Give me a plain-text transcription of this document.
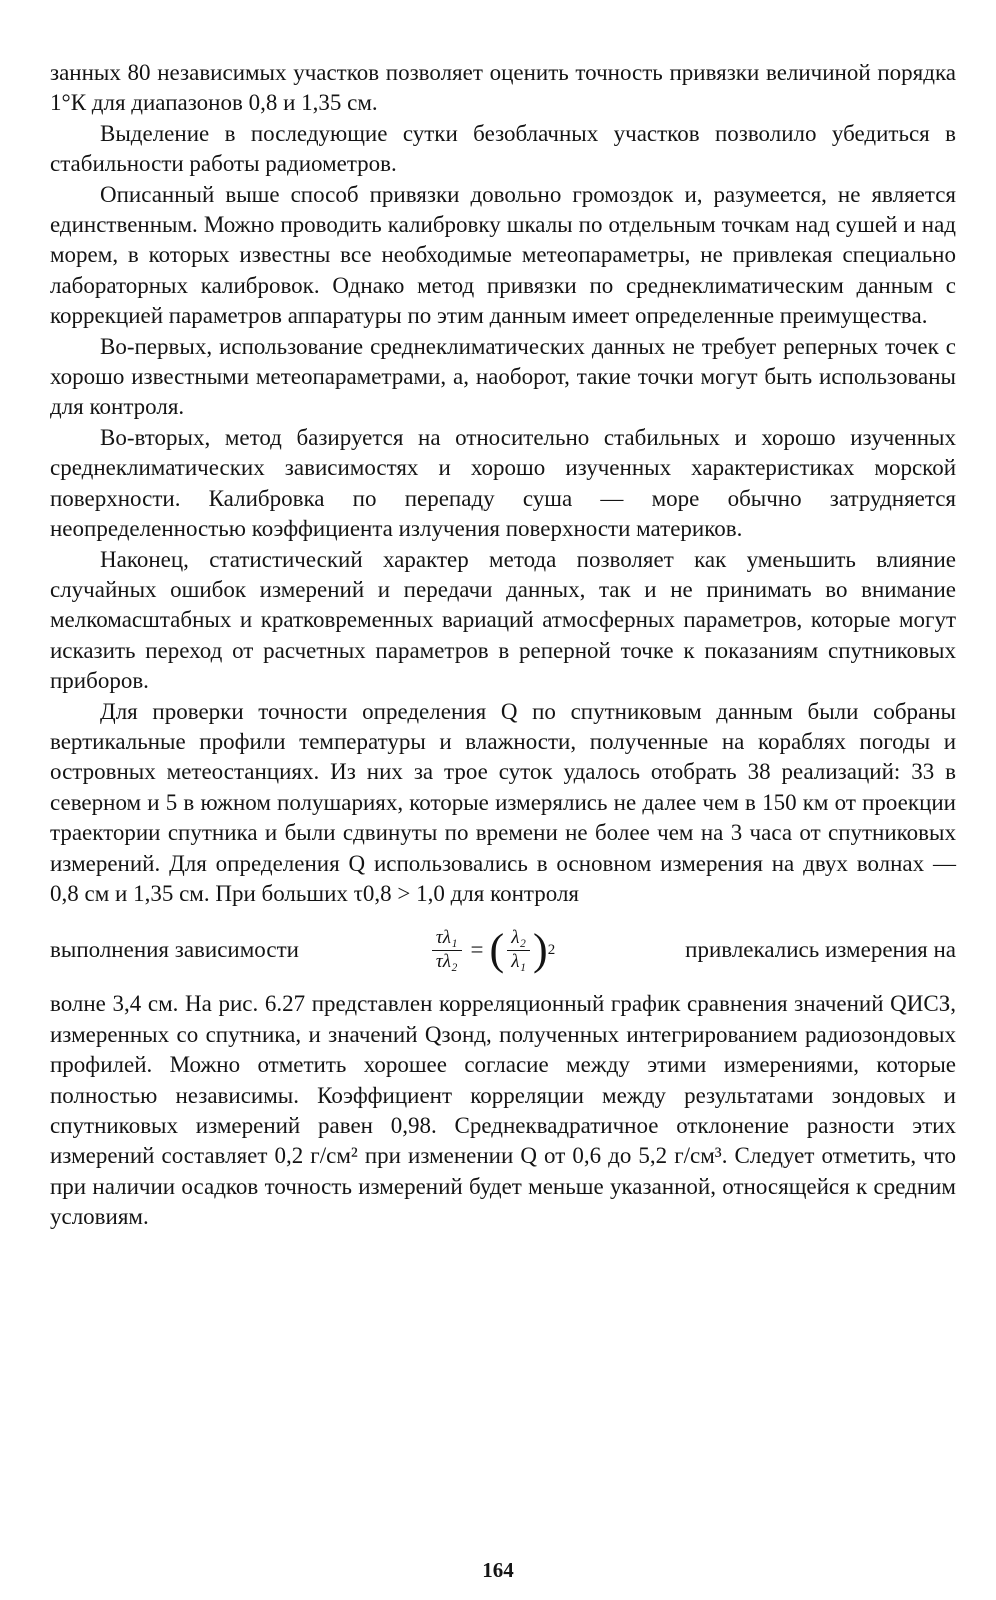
занных 80 независимых участков позволяет оценить точность привязки величиной порядка 1°К для диапазонов 0,8 и 1,35 см.

Выделение в последующие сутки безоблачных участков позволило убедиться в стабильности работы радиометров.

Описанный выше способ привязки довольно громоздок и, разумеется, не является единственным. Можно проводить калибровку шкалы по отдельным точкам над сушей и над морем, в которых известны все необходимые метеопараметры, не привлекая специально лабораторных калибровок. Однако метод привязки по среднеклиматическим данным с коррекцией параметров аппаратуры по этим данным имеет определенные преимущества.

Во-первых, использование среднеклиматических данных не требует реперных точек с хорошо известными метеопараметрами, а, наоборот, такие точки могут быть использованы для контроля.

Во-вторых, метод базируется на относительно стабильных и хорошо изученных среднеклиматических зависимостях и хорошо изученных характеристиках морской поверхности. Калибровка по перепаду суша — море обычно затрудняется неопределенностью коэффициента излучения поверхности материков.

Наконец, статистический характер метода позволяет как уменьшить влияние случайных ошибок измерений и передачи данных, так и не принимать во внимание мелкомасштабных и кратковременных вариаций атмосферных параметров, которые могут исказить переход от расчетных параметров в реперной точке к показаниям спутниковых приборов.

Для проверки точности определения Q по спутниковым данным были собраны вертикальные профили температуры и влажности, полученные на кораблях погоды и островных метеостанциях. Из них за трое суток удалось отобрать 38 реализаций: 33 в северном и 5 в южном полушариях, которые измерялись не далее чем в 150 км от проекции траектории спутника и были сдвинуты по времени не более чем на 3 часа от спутниковых измерений. Для определения Q использовались в основном измерения на двух волнах — 0,8 см и 1,35 см. При больших τ0,8 > 1,0 для контроля

выполнения зависимости	$\frac{\text{τλ₁}}{\text{τλ₂}}$ = ( $\frac{\text{λ₂}}{\text{λ₁}}$ ) 2	привлекались измерения на

волне 3,4 см. На рис. 6.27 представлен корреляционный график сравнения значений QИСЗ, измеренных со спутника, и значений Qзонд, полученных интегрированием радиозондовых профилей. Можно отметить хорошее согласие между этими измерениями, которые полностью независимы. Коэффициент корреляции между результатами зондовых и спутниковых измерений равен 0,98. Среднеквадратичное отклонение разности этих измерений составляет 0,2 г/см² при изменении Q от 0,6 до 5,2 г/см³. Следует отметить, что при наличии осадков точность измерений будет меньше указанной, относящейся к средним условиям.

164
